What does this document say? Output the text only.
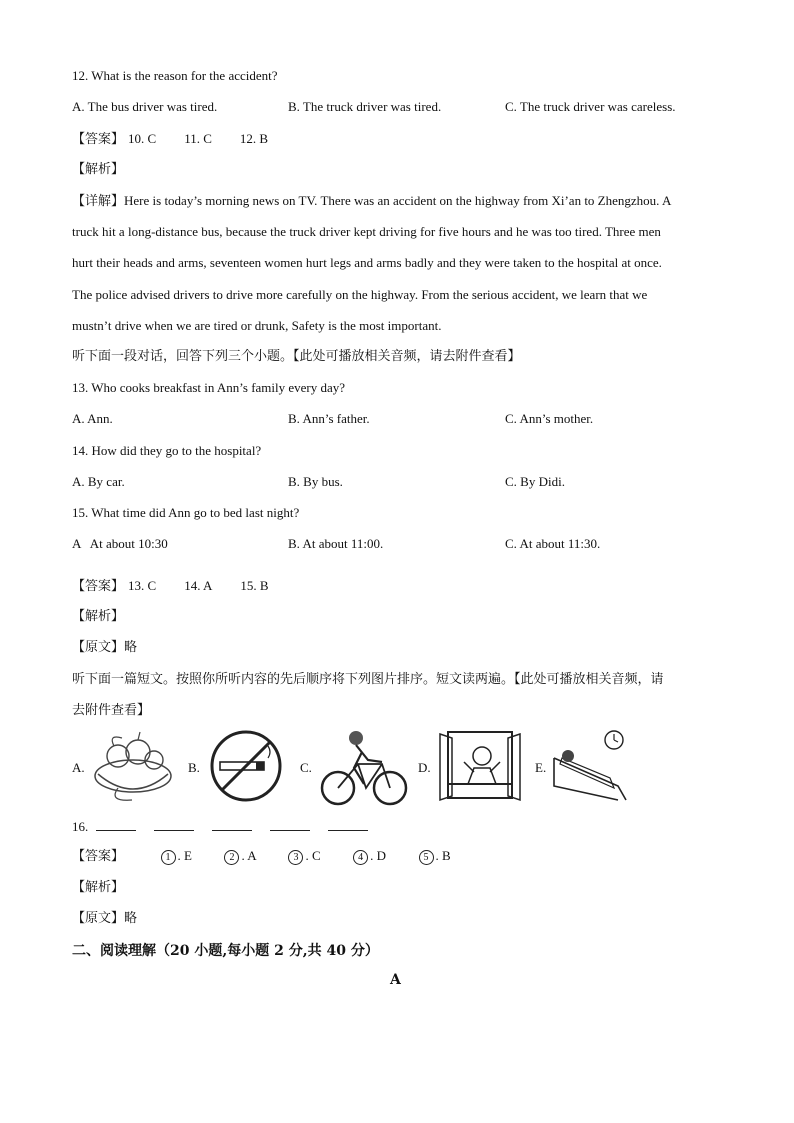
12. What is the reason for the accident?
A. The bus driver was tired.	B. The truck driver was tired.	C. The truck driver was careless.
【答案】 10. C 11. C 12. B
【解析】
【详解】Here is today’s morning news on TV. There was an accident on the highway from Xi’an to Zhengzhou. A
truck hit a long-distance bus, because the truck driver kept driving for five hours and he was too tired. Three men
hurt their heads and arms, seventeen women hurt legs and arms badly and they were taken to the hospital at once.
The police advised drivers to drive more carefully on the highway. From the serious accident, we learn that we
mustn’t drive when we are tired or drunk, Safety is the most important.
听下面一段对话，回答下列三个小题。【此处可播放相关音频，请去附件查看】
13. Who cooks breakfast in Ann’s family every day?
A. Ann.	B. Ann’s father.	C. Ann’s mother.
14. How did they go to the hospital?
A. By car.	B. By bus.	C. By Didi.
15. What time did Ann go to bed last night?
A   At about 10:30	B. At about 11:00.	C. At about 11:30.
【答案】 13. C 14. A 15. B
【解析】
【原文】略
听下面一篇短文。按照你所听内容的先后顺序将下列图片排序。短文读两遍。【此处可播放相关音频，请
去附件查看】
A.	B.	C.	D.	E.
16.
【答案】	1 . E	2 . A	3 . C	4 . D	5 . B
【解析】
【原文】略
二、阅读理解（20 小题,每小题 2 分,共 40 分）
A
